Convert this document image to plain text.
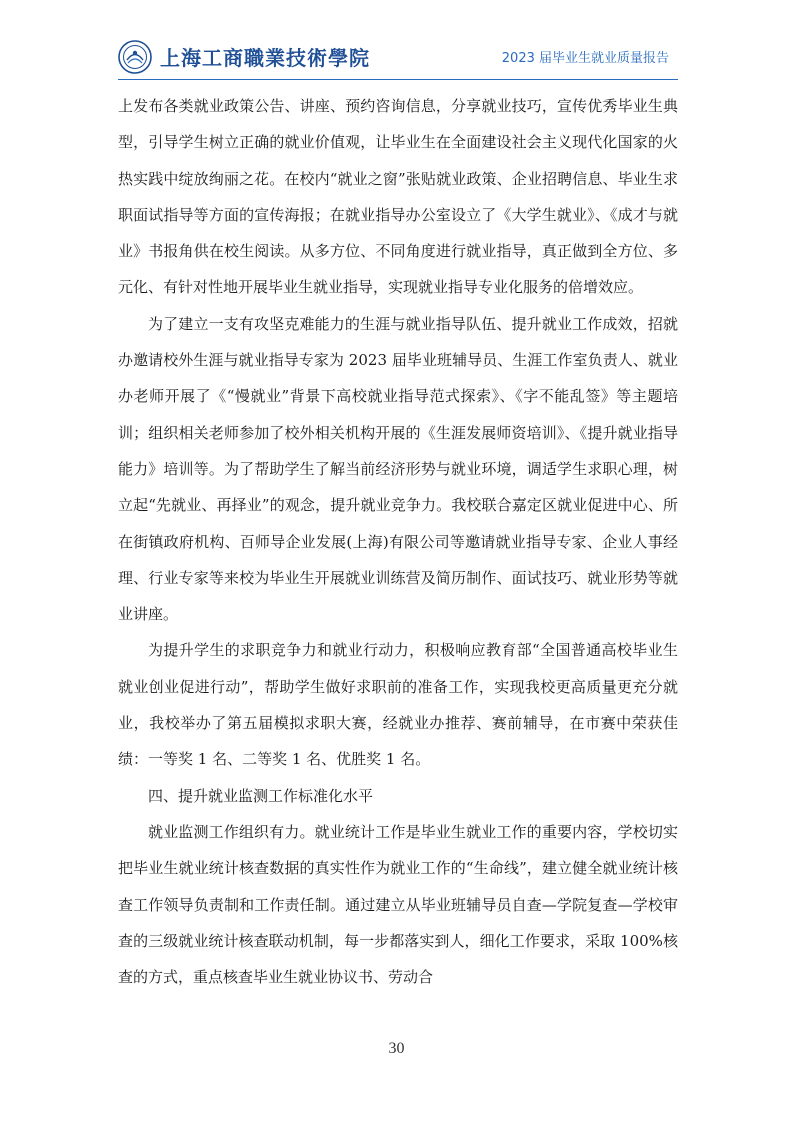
上海工商職業技術學院	2023 届毕业生就业质量报告

上发布各类就业政策公告、讲座、预约咨询信息，分享就业技巧，宣传优秀毕业生典型，引导学生树立正确的就业价值观，让毕业生在全面建设社会主义现代化国家的火热实践中绽放绚丽之花。在校内“就业之窗”张贴就业政策、企业招聘信息、毕业生求职面试指导等方面的宣传海报；在就业指导办公室设立了《大学生就业》、《成才与就业》书报角供在校生阅读。从多方位、不同角度进行就业指导，真正做到全方位、多元化、有针对性地开展毕业生就业指导，实现就业指导专业化服务的倍增效应。

为了建立一支有攻坚克难能力的生涯与就业指导队伍、提升就业工作成效，招就办邀请校外生涯与就业指导专家为 2023 届毕业班辅导员、生涯工作室负责人、就业办老师开展了《“慢就业”背景下高校就业指导范式探索》、《字不能乱签》等主题培训；组织相关老师参加了校外相关机构开展的《生涯发展师资培训》、《提升就业指导能力》培训等。为了帮助学生了解当前经济形势与就业环境，调适学生求职心理，树立起“先就业、再择业”的观念，提升就业竞争力。我校联合嘉定区就业促进中心、所在街镇政府机构、百师导企业发展(上海)有限公司等邀请就业指导专家、企业人事经理、行业专家等来校为毕业生开展就业训练营及简历制作、面试技巧、就业形势等就业讲座。

为提升学生的求职竞争力和就业行动力，积极响应教育部“全国普通高校毕业生就业创业促进行动”，帮助学生做好求职前的准备工作，实现我校更高质量更充分就业，我校举办了第五届模拟求职大赛，经就业办推荐、赛前辅导，在市赛中荣获佳绩：一等奖 1 名、二等奖 1 名、优胜奖 1 名。

四、提升就业监测工作标准化水平

就业监测工作组织有力。就业统计工作是毕业生就业工作的重要内容，学校切实把毕业生就业统计核查数据的真实性作为就业工作的“生命线”，建立健全就业统计核查工作领导负责制和工作责任制。通过建立从毕业班辅导员自查—学院复查—学校审查的三级就业统计核查联动机制，每一步都落实到人，细化工作要求，采取 100%核查的方式，重点核查毕业生就业协议书、劳动合

30
